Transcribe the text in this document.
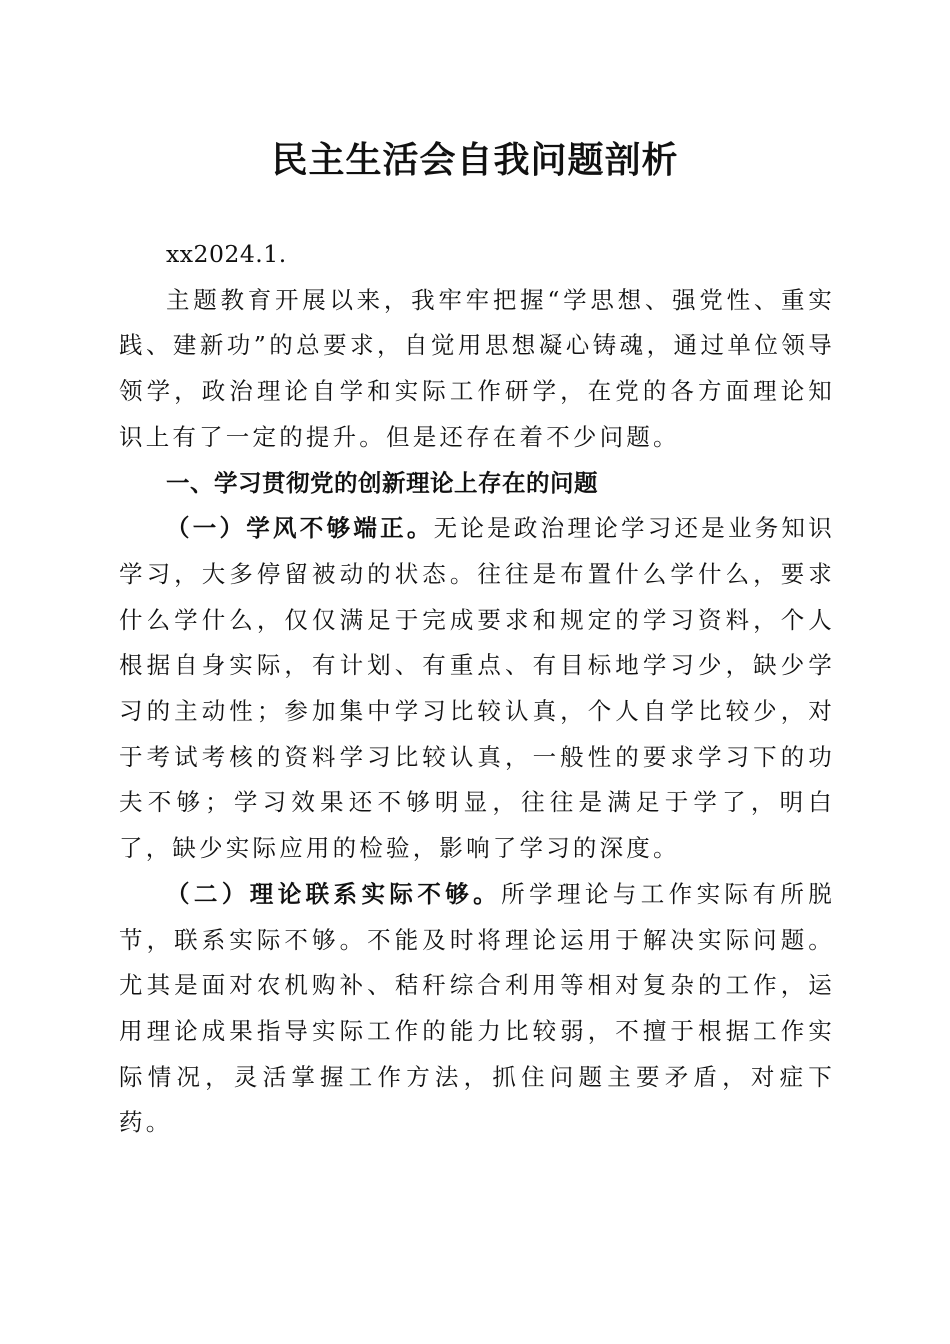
民主生活会自我问题剖析

xx2024.1.

主题教育开展以来，我牢牢把握“学思想、强党性、重实践、建新功”的总要求，自觉用思想凝心铸魂，通过单位领导领学，政治理论自学和实际工作研学，在党的各方面理论知识上有了一定的提升。但是还存在着不少问题。

一、学习贯彻党的创新理论上存在的问题

（一）学风不够端正。无论是政治理论学习还是业务知识学习，大多停留被动的状态。往往是布置什么学什么，要求什么学什么，仅仅满足于完成要求和规定的学习资料，个人根据自身实际，有计划、有重点、有目标地学习少，缺少学习的主动性；参加集中学习比较认真，个人自学比较少，对于考试考核的资料学习比较认真，一般性的要求学习下的功夫不够；学习效果还不够明显，往往是满足于学了，明白了，缺少实际应用的检验，影响了学习的深度。

（二）理论联系实际不够。所学理论与工作实际有所脱节，联系实际不够。不能及时将理论运用于解决实际问题。尤其是面对农机购补、秸秆综合利用等相对复杂的工作，运用理论成果指导实际工作的能力比较弱，不擅于根据工作实际情况，灵活掌握工作方法，抓住问题主要矛盾，对症下药。
